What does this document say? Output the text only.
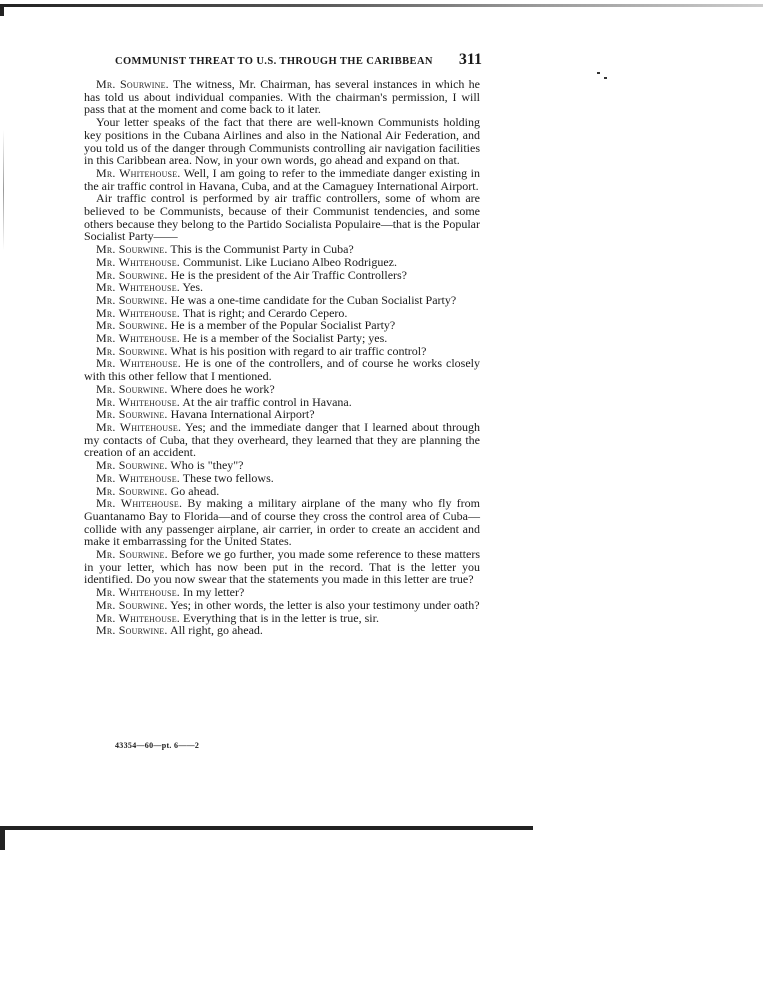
COMMUNIST THREAT TO U.S. THROUGH THE CARIBBEAN 311

Mr. Sourwine. The witness, Mr. Chairman, has several instances in which he has told us about individual companies. With the chairman's permission, I will pass that at the moment and come back to it later.

Your letter speaks of the fact that there are well-known Communists holding key positions in the Cubana Airlines and also in the National Air Federation, and you told us of the danger through Communists controlling air navigation facilities in this Caribbean area. Now, in your own words, go ahead and expand on that.

Mr. Whitehouse. Well, I am going to refer to the immediate danger existing in the air traffic control in Havana, Cuba, and at the Camaguey International Airport.

Air traffic control is performed by air traffic controllers, some of whom are believed to be Communists, because of their Communist tendencies, and some others because they belong to the Partido Socialista Populaire—that is the Popular Socialist Party——

Mr. Sourwine. This is the Communist Party in Cuba?

Mr. Whitehouse. Communist. Like Luciano Albeo Rodriguez.

Mr. Sourwine. He is the president of the Air Traffic Controllers?

Mr. Whitehouse. Yes.

Mr. Sourwine. He was a one-time candidate for the Cuban Socialist Party?

Mr. Whitehouse. That is right; and Cerardo Cepero.

Mr. Sourwine. He is a member of the Popular Socialist Party?

Mr. Whitehouse. He is a member of the Socialist Party; yes.

Mr. Sourwine. What is his position with regard to air traffic control?

Mr. Whitehouse. He is one of the controllers, and of course he works closely with this other fellow that I mentioned.

Mr. Sourwine. Where does he work?

Mr. Whitehouse. At the air traffic control in Havana.

Mr. Sourwine. Havana International Airport?

Mr. Whitehouse. Yes; and the immediate danger that I learned about through my contacts of Cuba, that they overheard, they learned that they are planning the creation of an accident.

Mr. Sourwine. Who is "they"?

Mr. Whitehouse. These two fellows.

Mr. Sourwine. Go ahead.

Mr. Whitehouse. By making a military airplane of the many who fly from Guantanamo Bay to Florida—and of course they cross the control area of Cuba—collide with any passenger airplane, air carrier, in order to create an accident and make it embarrassing for the United States.

Mr. Sourwine. Before we go further, you made some reference to these matters in your letter, which has now been put in the record. That is the letter you identified. Do you now swear that the statements you made in this letter are true?

Mr. Whitehouse. In my letter?

Mr. Sourwine. Yes; in other words, the letter is also your testimony under oath?

Mr. Whitehouse. Everything that is in the letter is true, sir.

Mr. Sourwine. All right, go ahead.

43354—60—pt. 6——2
